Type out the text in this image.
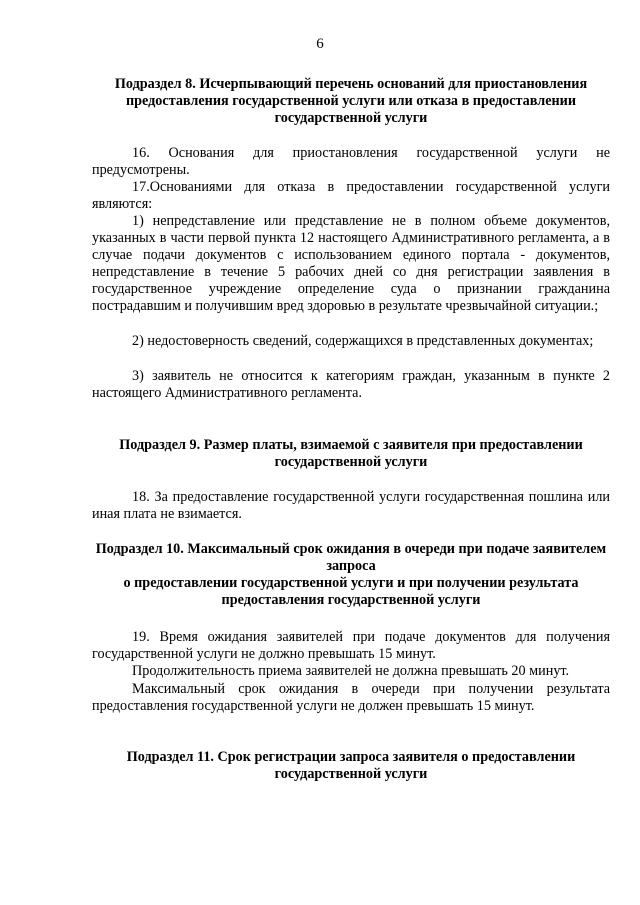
6

Подраздел 8. Исчерпывающий перечень оснований для приостановления предоставления государственной услуги или отказа в предоставлении государственной услуги

16. Основания для приостановления государственной услуги не предусмотрены.

17.Основаниями для отказа в предоставлении государственной услуги являются:

1) непредставление или представление не в полном объеме документов, указанных в части первой пункта 12 настоящего Административного регламента, а в случае подачи документов с использованием единого портала - документов, непредставление в течение 5 рабочих дней со дня регистрации заявления в государственное учреждение определение суда о признании гражданина пострадавшим и получившим вред здоровью в результате чрезвычайной ситуации.;

2) недостоверность сведений, содержащихся в представленных документах;

3) заявитель не относится к категориям граждан, указанным в пункте 2 настоящего Административного регламента.

Подраздел 9. Размер платы, взимаемой с заявителя при предоставлении государственной услуги

18. За предоставление государственной услуги государственная пошлина или иная плата не взимается.

Подраздел 10. Максимальный срок ожидания в очереди при подаче заявителем запроса

о предоставлении государственной услуги и при получении результата предоставления государственной услуги

19. Время ожидания заявителей при подаче документов для получения государственной услуги не должно превышать 15 минут.

Продолжительность приема заявителей не должна превышать 20 минут.

Максимальный срок ожидания в очереди при получении результата предоставления государственной услуги не должен превышать 15 минут.

Подраздел 11. Срок регистрации запроса заявителя о предоставлении государственной услуги
